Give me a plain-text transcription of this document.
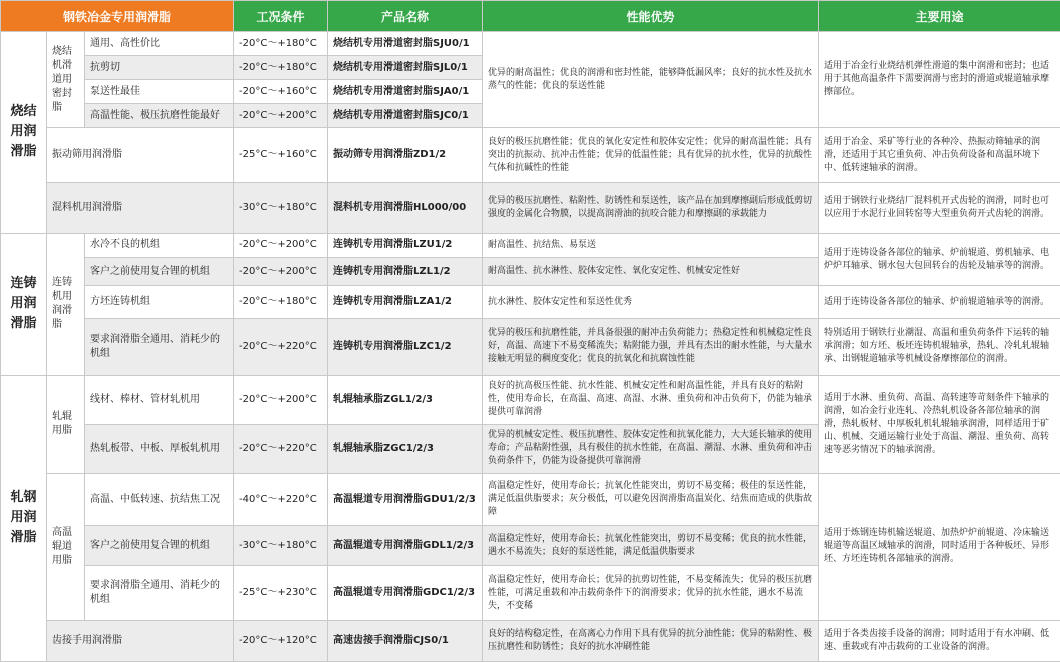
钢铁冶金专用润滑脂			工况条件	产品名称	性能优势	主要用途
烧结用润滑脂	烧结机滑道用密封脂	通用、高性价比	-20°C～+180°C	烧结机专用滑道密封脂SJU0/1	优异的耐高温性；优良的润滑和密封性能，能够降低漏风率；良好的抗水性及抗水蒸气的性能；优良的泵送性能	适用于冶金行业烧结机弹性滑道的集中润滑和密封；也适用于其他高温条件下需要润滑与密封的滑道或辊道轴承摩擦部位。
		抗剪切	-20°C～+180°C	烧结机专用滑道密封脂SJL0/1		
		泵送性最佳	-20°C～+160°C	烧结机专用滑道密封脂SJA0/1		
		高温性能、极压抗磨性能最好	-20°C～+200°C	烧结机专用滑道密封脂SJC0/1		
	振动筛用润滑脂		-25°C～+160°C	振动筛专用润滑脂ZD1/2	良好的极压抗磨性能；优良的氧化安定性和胶体安定性；优异的耐高温性能；具有突出的抗振动、抗冲击性能；优异的低温性能；具有优异的抗水性，优异的抗酸性气体和抗碱性的性能	适用于冶金、采矿等行业的各种冷、热振动筛轴承的润滑，还适用于其它重负荷、冲击负荷设备和高温环境下中、低转速轴承的润滑。
	混料机用润滑脂		-30°C～+180°C	混料机专用润滑脂HL000/00	优异的极压抗磨性、粘附性、防锈性和泵送性，该产品在加到摩擦副后形成低剪切强度的金属化合物膜，以提高润滑油的抗咬合能力和摩擦副的承载能力	适用于钢铁行业烧结厂混料机开式齿轮的润滑，同时也可以应用于水泥行业回转窑等大型重负荷开式齿轮的润滑。
连铸用润滑脂	连铸机用润滑脂	水冷不良的机组	-20°C～+200°C	连铸机专用润滑脂LZU1/2	耐高温性、抗结焦、易泵送	适用于连铸设备各部位的轴承、炉前辊道、剪机轴承、电炉炉耳轴承、钢水包大包回转台的齿轮及轴承等的润滑。
		客户之前使用复合锂的机组	-20°C～+200°C	连铸机专用润滑脂LZL1/2	耐高温性、抗水淋性、胶体安定性、氧化安定性、机械安定性好	
		方坯连铸机组	-20°C～+180°C	连铸机专用润滑脂LZA1/2	抗水淋性、胶体安定性和泵送性优秀	适用于连铸设备各部位的轴承、炉前辊道轴承等的润滑。
		要求润滑脂全通用、消耗少的机组	-20°C～+220°C	连铸机专用润滑脂LZC1/2	优异的极压和抗磨性能，并具备很强的耐冲击负荷能力；热稳定性和机械稳定性良好，高温、高速下不易变稀流失；粘附能力强，并具有杰出的耐水性能，与大量水接触无明显的稠度变化；优良的抗氧化和抗腐蚀性能	特别适用于钢铁行业潮湿、高温和重负荷条件下运转的轴承润滑；如方坯、板坯连铸机辊轴承，热轧、冷轧轧辊轴承、出钢辊道轴承等机械设备摩擦部位的润滑。
轧钢用润滑脂	轧辊用脂	线材、棒材、管材轧机用	-20°C～+200°C	轧辊轴承脂ZGL1/2/3	良好的抗高极压性能、抗水性能、机械安定性和耐高温性能，并具有良好的粘附性，使用寿命长，在高温、高速、高湿、水淋、重负荷和冲击负荷下，仍能为轴承提供可靠润滑	适用于水淋、重负荷、高温、高转速等苛刻条件下轴承的润滑，如冶金行业连轧、冷热轧机设备各部位轴承的润滑，热轧板材、中厚板轧机轧辊轴承润滑，同样适用于矿山、机械、交通运输行业处于高温、潮湿、重负荷、高转速等恶劣情况下的轴承润滑。
		热轧板带、中板、厚板轧机用	-20°C～+220°C	轧辊轴承脂ZGC1/2/3	优异的机械安定性、极压抗磨性、胶体安定性和抗氧化能力，大大延长轴承的使用寿命；产品粘附性强，具有极佳的抗水性能，在高温、潮湿、水淋、重负荷和冲击负荷条件下，仍能为设备提供可靠润滑	
	高温辊道用脂	高温、中低转速、抗结焦工况	-40°C～+220°C	高温辊道专用润滑脂GDU1/2/3	高温稳定性好，使用寿命长；抗氧化性能突出，剪切不易变稀；极佳的泵送性能，满足低温供脂要求；灰分极低，可以避免因润滑脂高温炭化、结焦而造成的供脂故障	适用于炼钢连铸机输送辊道、加热炉炉前辊道、冷床输送辊道等高温区域轴承的润滑，同时适用于各种板坯、异形坯、方坯连铸机各部轴承的润滑。
		客户之前使用复合锂的机组	-30°C～+180°C	高温辊道专用润滑脂GDL1/2/3	高温稳定性好，使用寿命长；抗氧化性能突出，剪切不易变稀；优良的抗水性能，遇水不易流失；良好的泵送性能，满足低温供脂要求	
		要求润滑脂全通用、消耗少的机组	-25°C～+230°C	高温辊道专用润滑脂GDC1/2/3	高温稳定性好，使用寿命长；优异的抗剪切性能，不易变稀流失；优异的极压抗磨性能，可满足重载和冲击载荷条件下的润滑要求；优异的抗水性能，遇水不易流失，不变稀	
	齿接手用润滑脂		-20°C～+120°C	高速齿接手润滑脂CJS0/1	良好的结构稳定性，在高离心力作用下具有优异的抗分油性能；优异的粘附性、极压抗磨性和防锈性；良好的抗水冲刷性能	适用于各类齿接手设备的润滑；同时适用于有水冲刷、低速、重载或有冲击载荷的工业设备的润滑。
